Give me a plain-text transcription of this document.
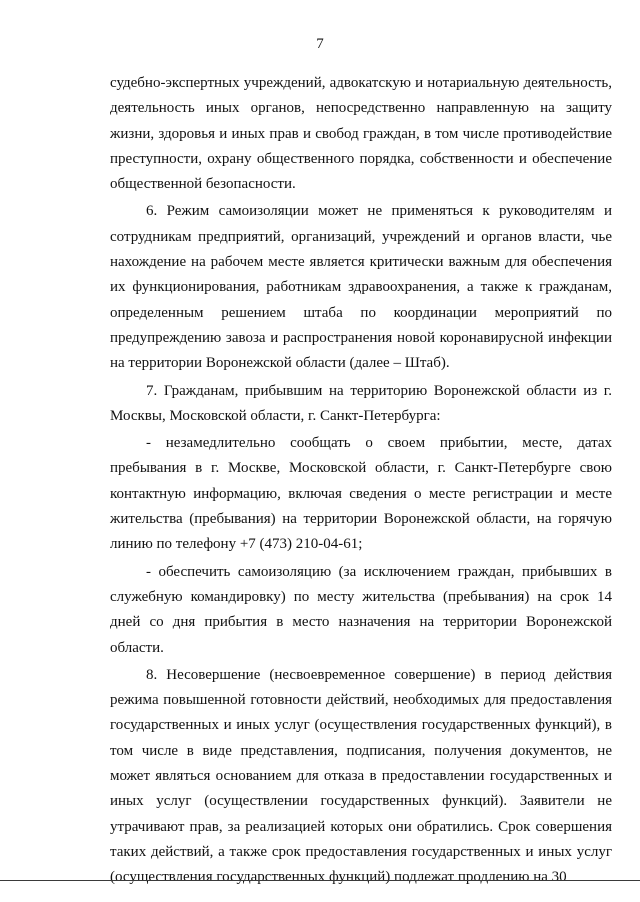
7

судебно-экспертных учреждений, адвокатскую и нотариальную деятельность, деятельность иных органов, непосредственно направленную на защиту жизни, здоровья и иных прав и свобод граждан, в том числе противодействие преступности, охрану общественного порядка, собственности и обеспечение общественной безопасности.

6. Режим самоизоляции может не применяться к руководителям и сотрудникам предприятий, организаций, учреждений и органов власти, чье нахождение на рабочем месте является критически важным для обеспечения их функционирования, работникам здравоохранения, а также к гражданам, определенным решением штаба по координации мероприятий по предупреждению завоза и распространения новой коронавирусной инфекции на территории Воронежской области (далее – Штаб).

7. Гражданам, прибывшим на территорию Воронежской области из г. Москвы, Московской области, г. Санкт-Петербурга:

- незамедлительно сообщать о своем прибытии, месте, датах пребывания в г. Москве, Московской области, г. Санкт-Петербурге свою контактную информацию, включая сведения о месте регистрации и месте жительства (пребывания) на территории Воронежской области, на горячую линию по телефону +7 (473) 210-04-61;

- обеспечить самоизоляцию (за исключением граждан, прибывших в служебную командировку) по месту жительства (пребывания) на срок 14 дней со дня прибытия в место назначения на территории Воронежской области.

8. Несовершение (несвоевременное совершение) в период действия режима повышенной готовности действий, необходимых для предоставления государственных и иных услуг (осуществления государственных функций), в том числе в виде представления, подписания, получения документов, не может являться основанием для отказа в предоставлении государственных и иных услуг (осуществлении государственных функций). Заявители не утрачивают прав, за реализацией которых они обратились. Срок совершения таких действий, а также срок предоставления государственных и иных услуг (осуществления государственных функций) подлежат продлению на 30
